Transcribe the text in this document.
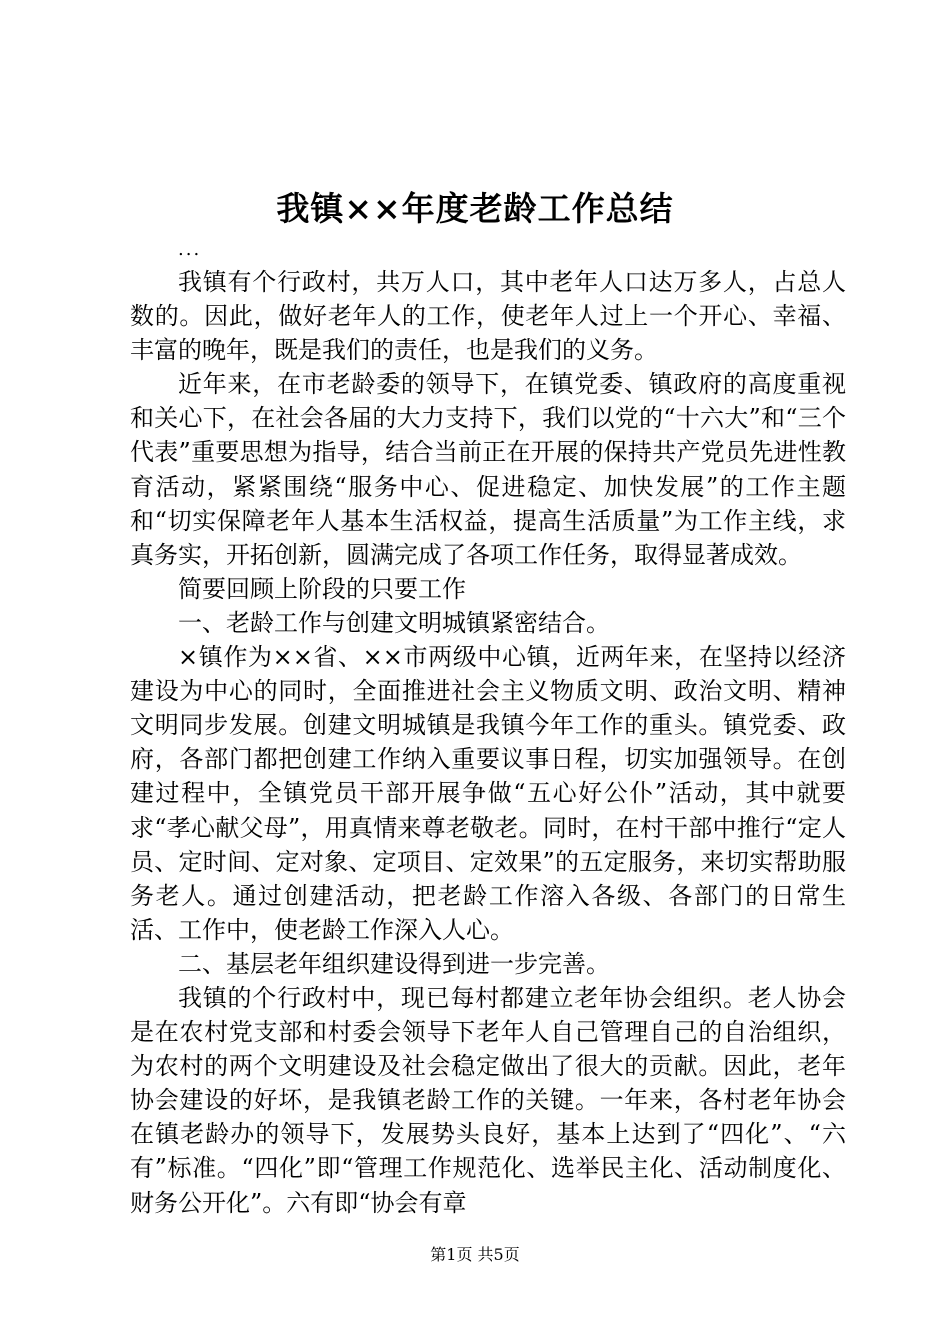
我镇××年度老龄工作总结
...

我镇有个行政村，共万人口，其中老年人口达万多人，占总人数的。因此，做好老年人的工作，使老年人过上一个开心、幸福、丰富的晚年，既是我们的责任，也是我们的义务。

近年来，在市老龄委的领导下，在镇党委、镇政府的高度重视和关心下，在社会各届的大力支持下，我们以党的“十六大”和“三个代表”重要思想为指导，结合当前正在开展的保持共产党员先进性教育活动，紧紧围绕“服务中心、促进稳定、加快发展”的工作主题和“切实保障老年人基本生活权益，提高生活质量”为工作主线，求真务实，开拓创新，圆满完成了各项工作任务，取得显著成效。

简要回顾上阶段的只要工作

一、老龄工作与创建文明城镇紧密结合。

×镇作为××省、××市两级中心镇，近两年来，在坚持以经济建设为中心的同时，全面推进社会主义物质文明、政治文明、精神文明同步发展。创建文明城镇是我镇今年工作的重头。镇党委、政府，各部门都把创建工作纳入重要议事日程，切实加强领导。在创建过程中，全镇党员干部开展争做“五心好公仆”活动，其中就要求“孝心献父母”，用真情来尊老敬老。同时，在村干部中推行“定人员、定时间、定对象、定项目、定效果”的五定服务，来切实帮助服务老人。通过创建活动，把老龄工作溶入各级、各部门的日常生活、工作中，使老龄工作深入人心。

二、基层老年组织建设得到进一步完善。

我镇的个行政村中，现已每村都建立老年协会组织。老人协会是在农村党支部和村委会领导下老年人自己管理自己的自治组织，为农村的两个文明建设及社会稳定做出了很大的贡献。因此，老年协会建设的好坏，是我镇老龄工作的关键。一年来，各村老年协会在镇老龄办的领导下，发展势头良好，基本上达到了“四化”、“六有”标准。“四化”即“管理工作规范化、选举民主化、活动制度化、财务公开化”。六有即“协会有章

第1页 共5页
